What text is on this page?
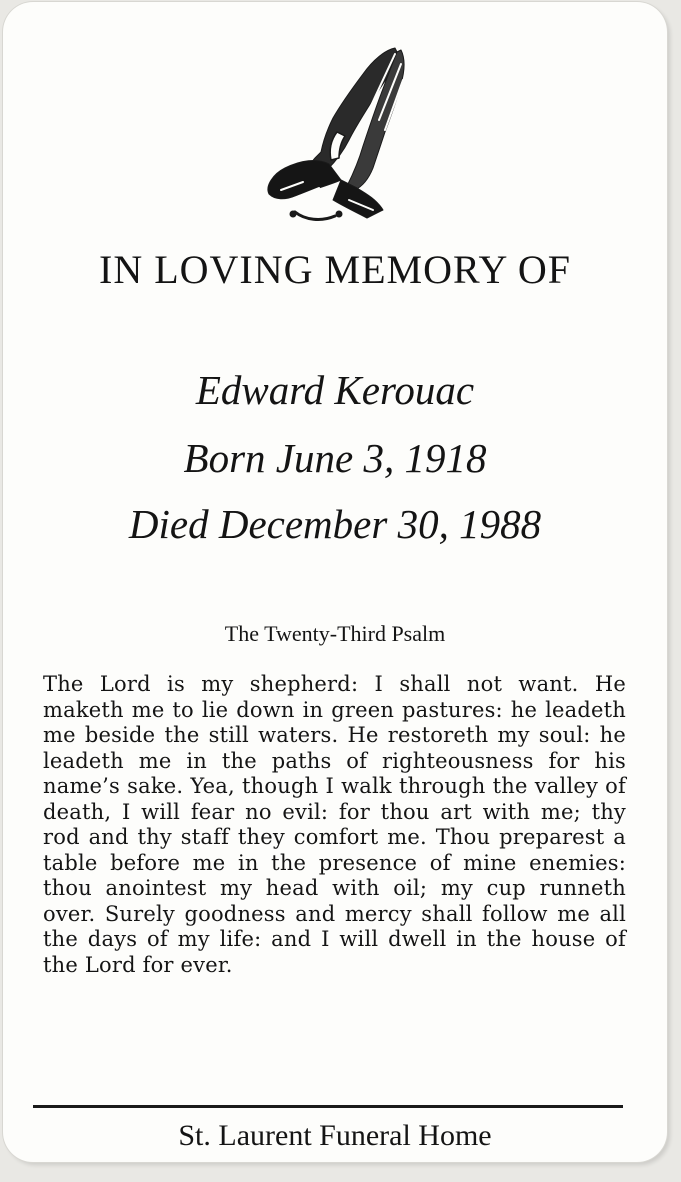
IN LOVING MEMORY OF
Edward Kerouac
Born June 3, 1918
Died December 30, 1988
The Twenty-Third Psalm
The Lord is my shepherd: I shall not want. He maketh me to lie down in green pastures: he leadeth me beside the still waters. He restoreth my soul: he leadeth me in the paths of righteousness for his name’s sake. Yea, though I walk through the valley of death, I will fear no evil: for thou art with me; thy rod and thy staff they comfort me. Thou preparest a table before me in the presence of mine enemies: thou anointest my head with oil; my cup runneth over. Surely goodness and mercy shall follow me all the days of my life: and I will dwell in the house of the Lord for ever.
St. Laurent Funeral Home
